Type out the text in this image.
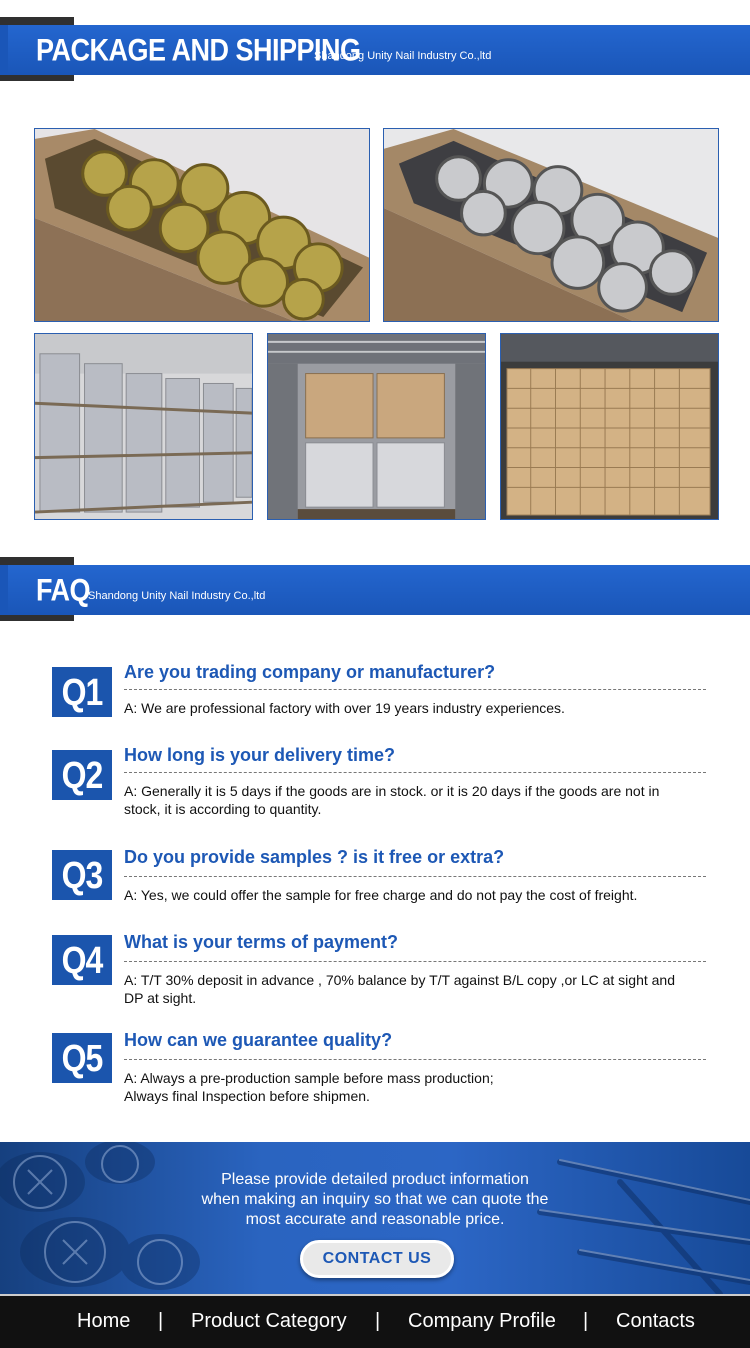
PACKAGE AND SHIPPING
Shandong Unity Nail Industry Co.,ltd
FAQ
Shandong Unity Nail Industry Co.,ltd
Q1	Are you trading company or manufacturer?
A: We are professional factory with over 19 years industry experiences.
Q2	How long is your delivery time?
A: Generally it is 5 days if the goods are in stock. or it is 20 days if the goods are not in stock, it is according to quantity.
Q3	Do you provide samples ? is it free or extra?
A: Yes, we could offer the sample for free charge and do not pay the cost of freight.
Q4	What is your terms of payment?
A: T/T 30% deposit in advance , 70% balance by T/T against B/L copy ,or LC at sight and DP at sight.
Q5	How can we guarantee quality?
A: Always a pre-production sample before mass production;
Always final Inspection before shipmen.
Please provide detailed product information
when making an inquiry so that we can quote the
most accurate and reasonable price.
CONTACT US
Home | Product Category | Company Profile | Contacts
